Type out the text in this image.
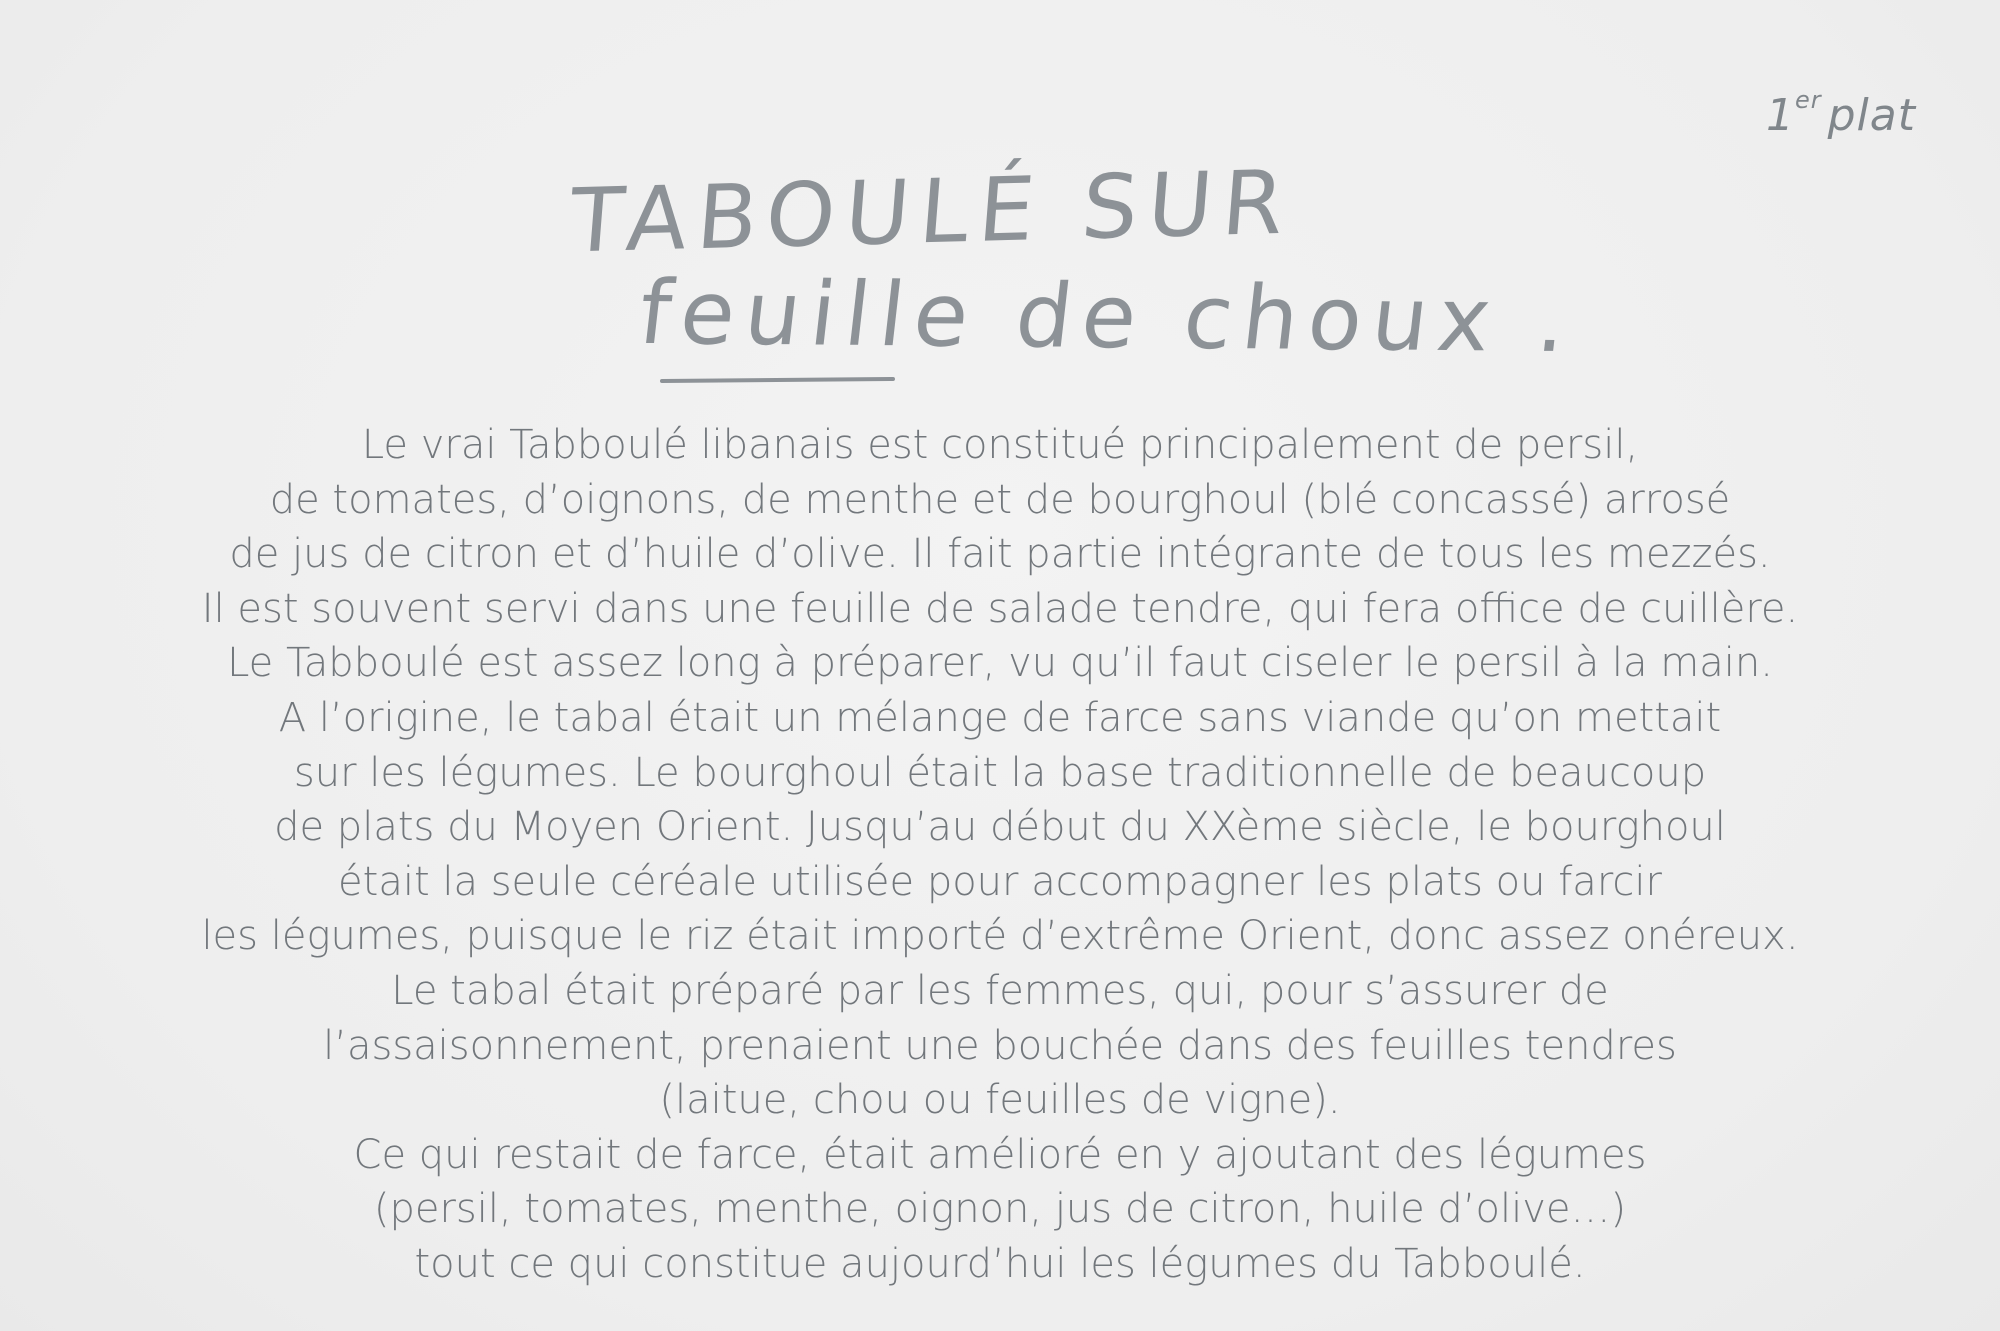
1er plat
TABOULÉ SUR
feuille de choux .
Le vrai Tabboulé libanais est constitué principalement de persil,
de tomates, d’oignons, de menthe et de bourghoul (blé concassé) arrosé
de jus de citron et d’huile d’olive. Il fait partie intégrante de tous les mezzés.
Il est souvent servi dans une feuille de salade tendre, qui fera office de cuillère.
Le Tabboulé est assez long à préparer, vu qu’il faut ciseler le persil à la main.
A l’origine, le tabal était un mélange de farce sans viande qu’on mettait
sur les légumes. Le bourghoul était la base traditionnelle de beaucoup
de plats du Moyen Orient. Jusqu’au début du XXème siècle, le bourghoul
était la seule céréale utilisée pour accompagner les plats ou farcir
les légumes, puisque le riz était importé d’extrême Orient, donc assez onéreux.
Le tabal était préparé par les femmes, qui, pour s’assurer de
l’assaisonnement, prenaient une bouchée dans des feuilles tendres
(laitue, chou ou feuilles de vigne).
Ce qui restait de farce, était amélioré en y ajoutant des légumes
(persil, tomates, menthe, oignon, jus de citron, huile d’olive…)
tout ce qui constitue aujourd’hui les légumes du Tabboulé.
